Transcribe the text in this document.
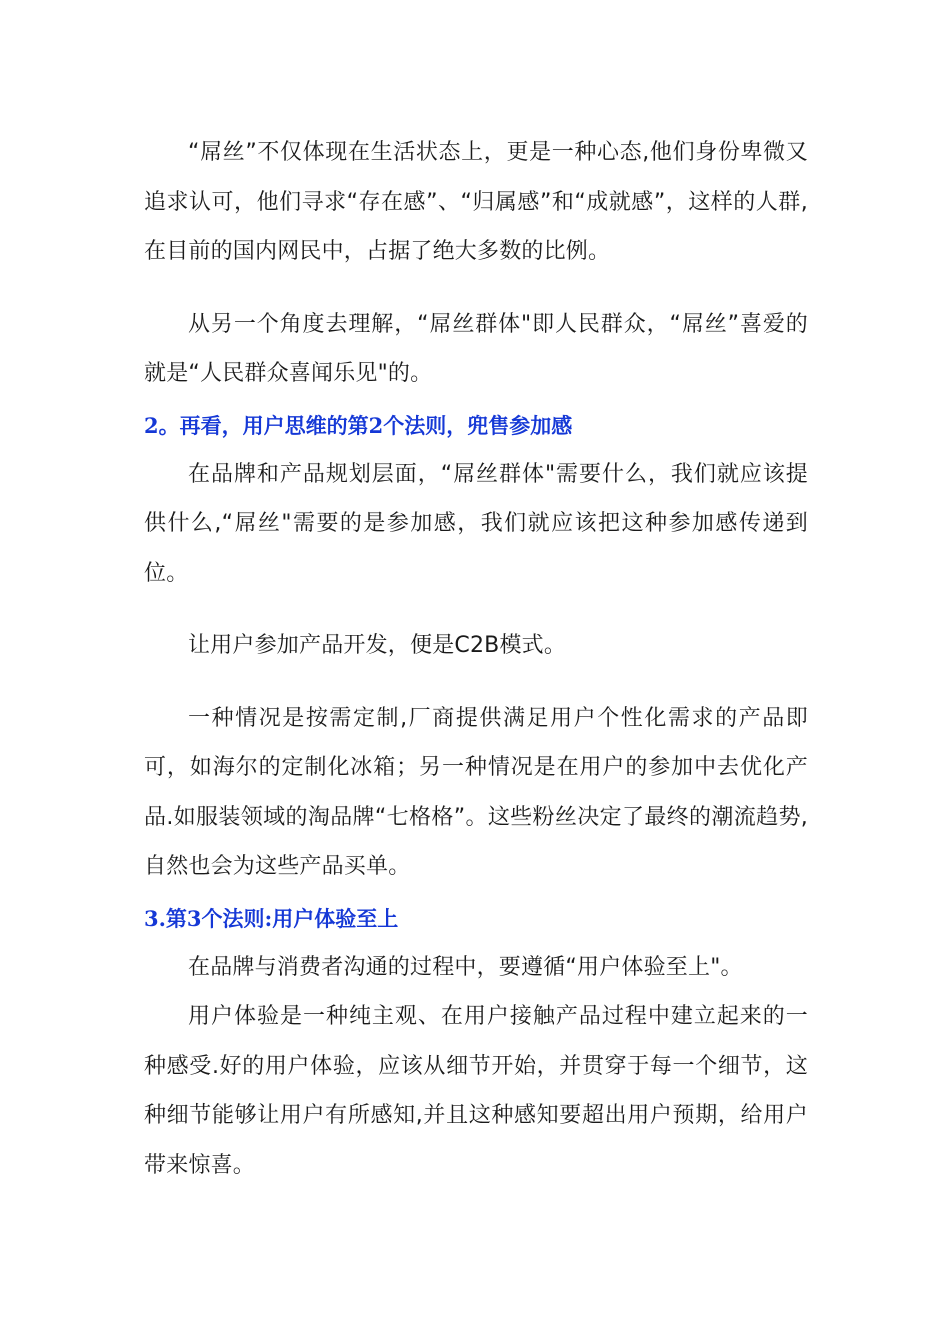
“屌丝”不仅体现在生活状态上，更是一种心态,他们身份卑微又追求认可，他们寻求“存在感”、“归属感”和“成就感”，这样的人群,在目前的国内网民中，占据了绝大多数的比例。

从另一个角度去理解，“屌丝群体"即人民群众，“屌丝”喜爱的就是“人民群众喜闻乐见"的。

2。再看，用户思维的第2个法则，兜售参加感

在品牌和产品规划层面，“屌丝群体"需要什么，我们就应该提供什么,“屌丝"需要的是参加感，我们就应该把这种参加感传递到位。

让用户参加产品开发，便是C2B模式。

一种情况是按需定制,厂商提供满足用户个性化需求的产品即可，如海尔的定制化冰箱；另一种情况是在用户的参加中去优化产品.如服装领域的淘品牌“七格格”。这些粉丝决定了最终的潮流趋势,自然也会为这些产品买单。

3.第3个法则:用户体验至上

在品牌与消费者沟通的过程中，要遵循“用户体验至上"。

用户体验是一种纯主观、在用户接触产品过程中建立起来的一种感受.好的用户体验，应该从细节开始，并贯穿于每一个细节，这种细节能够让用户有所感知,并且这种感知要超出用户预期，给用户带来惊喜。
